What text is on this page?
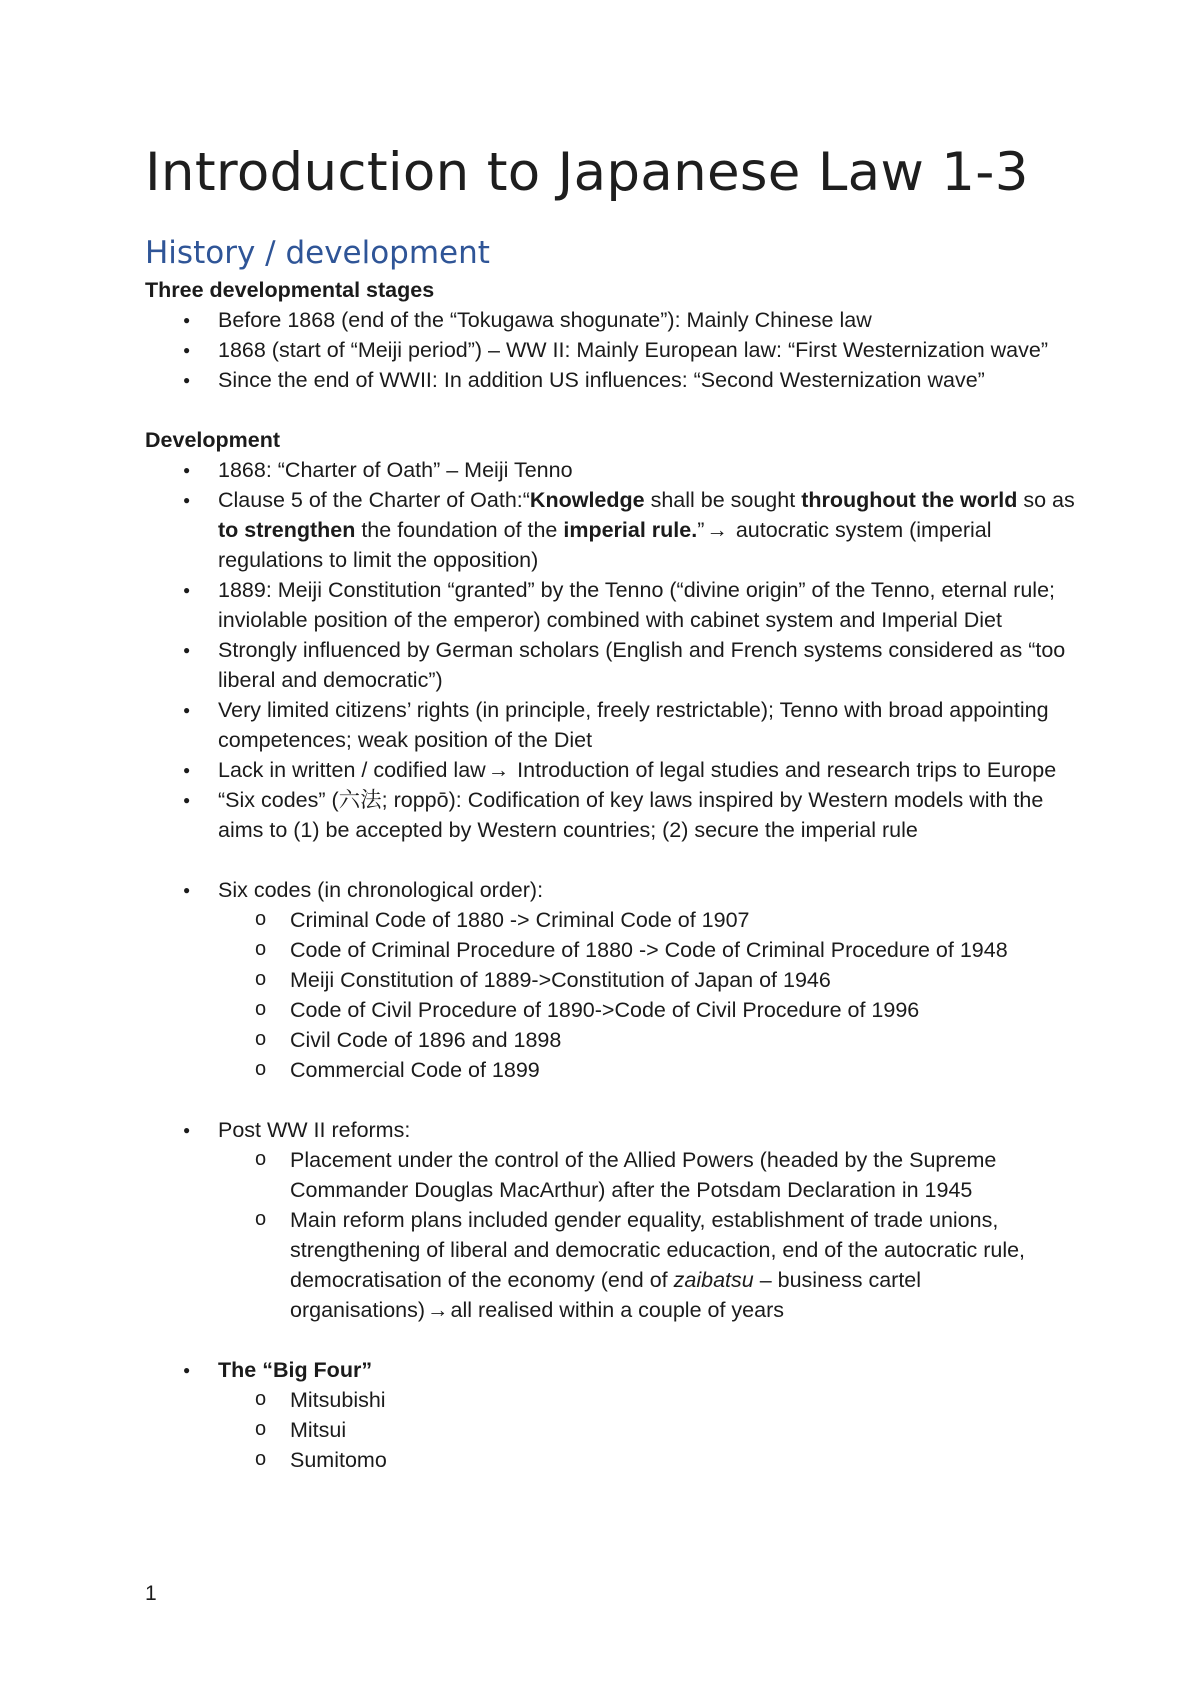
Introduction to Japanese Law 1-3
History / development

Three developmental stages

● Before 1868 (end of the “Tokugawa shogunate”): Mainly Chinese law
● 1868 (start of “Meiji period”) – WW II: Mainly European law: “First Westernization wave”
● Since the end of WWII: In addition US influences: “Second Westernization wave”

Development

● 1868: “Charter of Oath” – Meiji Tenno
● Clause 5 of the Charter of Oath:“Knowledge shall be sought throughout the world so as to strengthen the foundation of the imperial rule.”→ autocratic system (imperial regulations to limit the opposition)
● 1889: Meiji Constitution “granted” by the Tenno (“divine origin” of the Tenno, eternal rule; inviolable position of the emperor) combined with cabinet system and Imperial Diet
● Strongly influenced by German scholars (English and French systems considered as “too liberal and democratic”)
● Very limited citizens’ rights (in principle, freely restrictable); Tenno with broad appointing competences; weak position of the Diet
● Lack in written / codified law→ Introduction of legal studies and research trips to Europe
● “Six codes” (六法; roppō): Codification of key laws inspired by Western models with the aims to (1) be accepted by Western countries; (2) secure the imperial rule
● Six codes (in chronological order):
o Criminal Code of 1880 -> Criminal Code of 1907
o Code of Criminal Procedure of 1880 -> Code of Criminal Procedure of 1948
o Meiji Constitution of 1889->Constitution of Japan of 1946
o Code of Civil Procedure of 1890->Code of Civil Procedure of 1996
o Civil Code of 1896 and 1898
o Commercial Code of 1899
● Post WW II reforms:
o Placement under the control of the Allied Powers (headed by the Supreme Commander Douglas MacArthur) after the Potsdam Declaration in 1945
o Main reform plans included gender equality, establishment of trade unions, strengthening of liberal and democratic educaction, end of the autocratic rule, democratisation of the economy (end of zaibatsu – business cartel organisations)→all realised within a couple of years
● The “Big Four”
o Mitsubishi
o Mitsui
o Sumitomo
1
